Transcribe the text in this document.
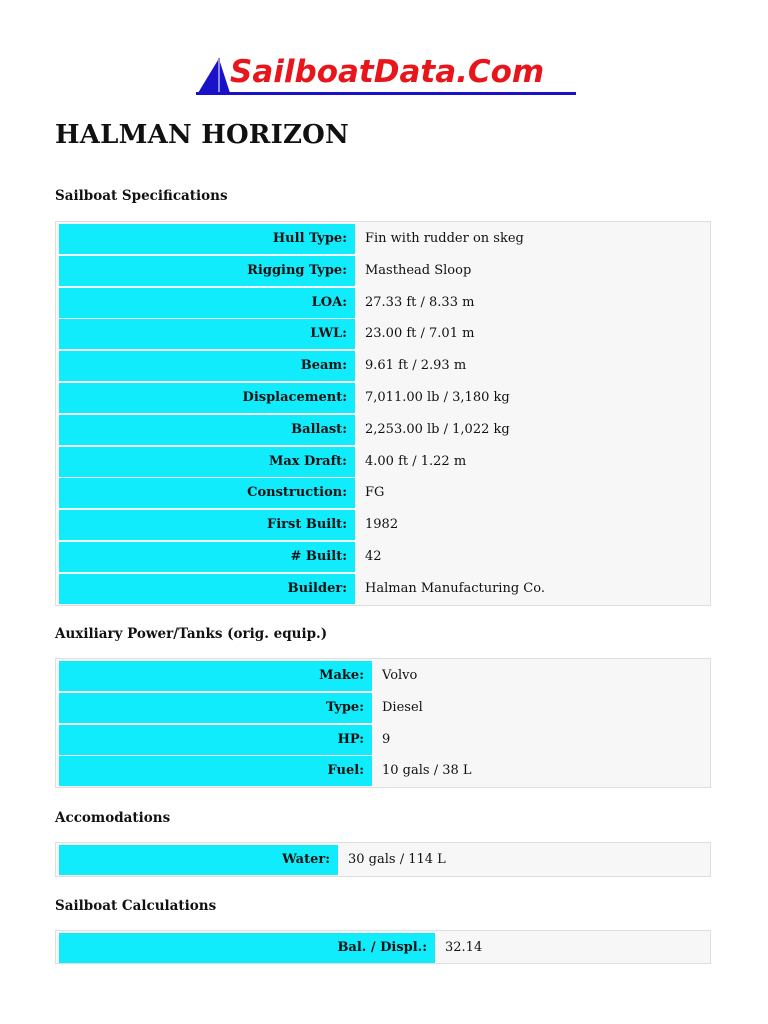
SailboatData.Com
HALMAN HORIZON
Sailboat Specifications
Hull Type:	Fin with rudder on skeg
Rigging Type:	Masthead Sloop
LOA:	27.33 ft / 8.33 m
LWL:	23.00 ft / 7.01 m
Beam:	9.61 ft / 2.93 m
Displacement:	7,011.00 lb / 3,180 kg
Ballast:	2,253.00 lb / 1,022 kg
Max Draft:	4.00 ft / 1.22 m
Construction:	FG
First Built:	1982
# Built:	42
Builder:	Halman Manufacturing Co.
Auxiliary Power/Tanks (orig. equip.)
Make:	Volvo
Type:	Diesel
HP:	9
Fuel:	10 gals / 38 L
Accomodations
Water:	30 gals / 114 L
Sailboat Calculations
Bal. / Displ.:	32.14
